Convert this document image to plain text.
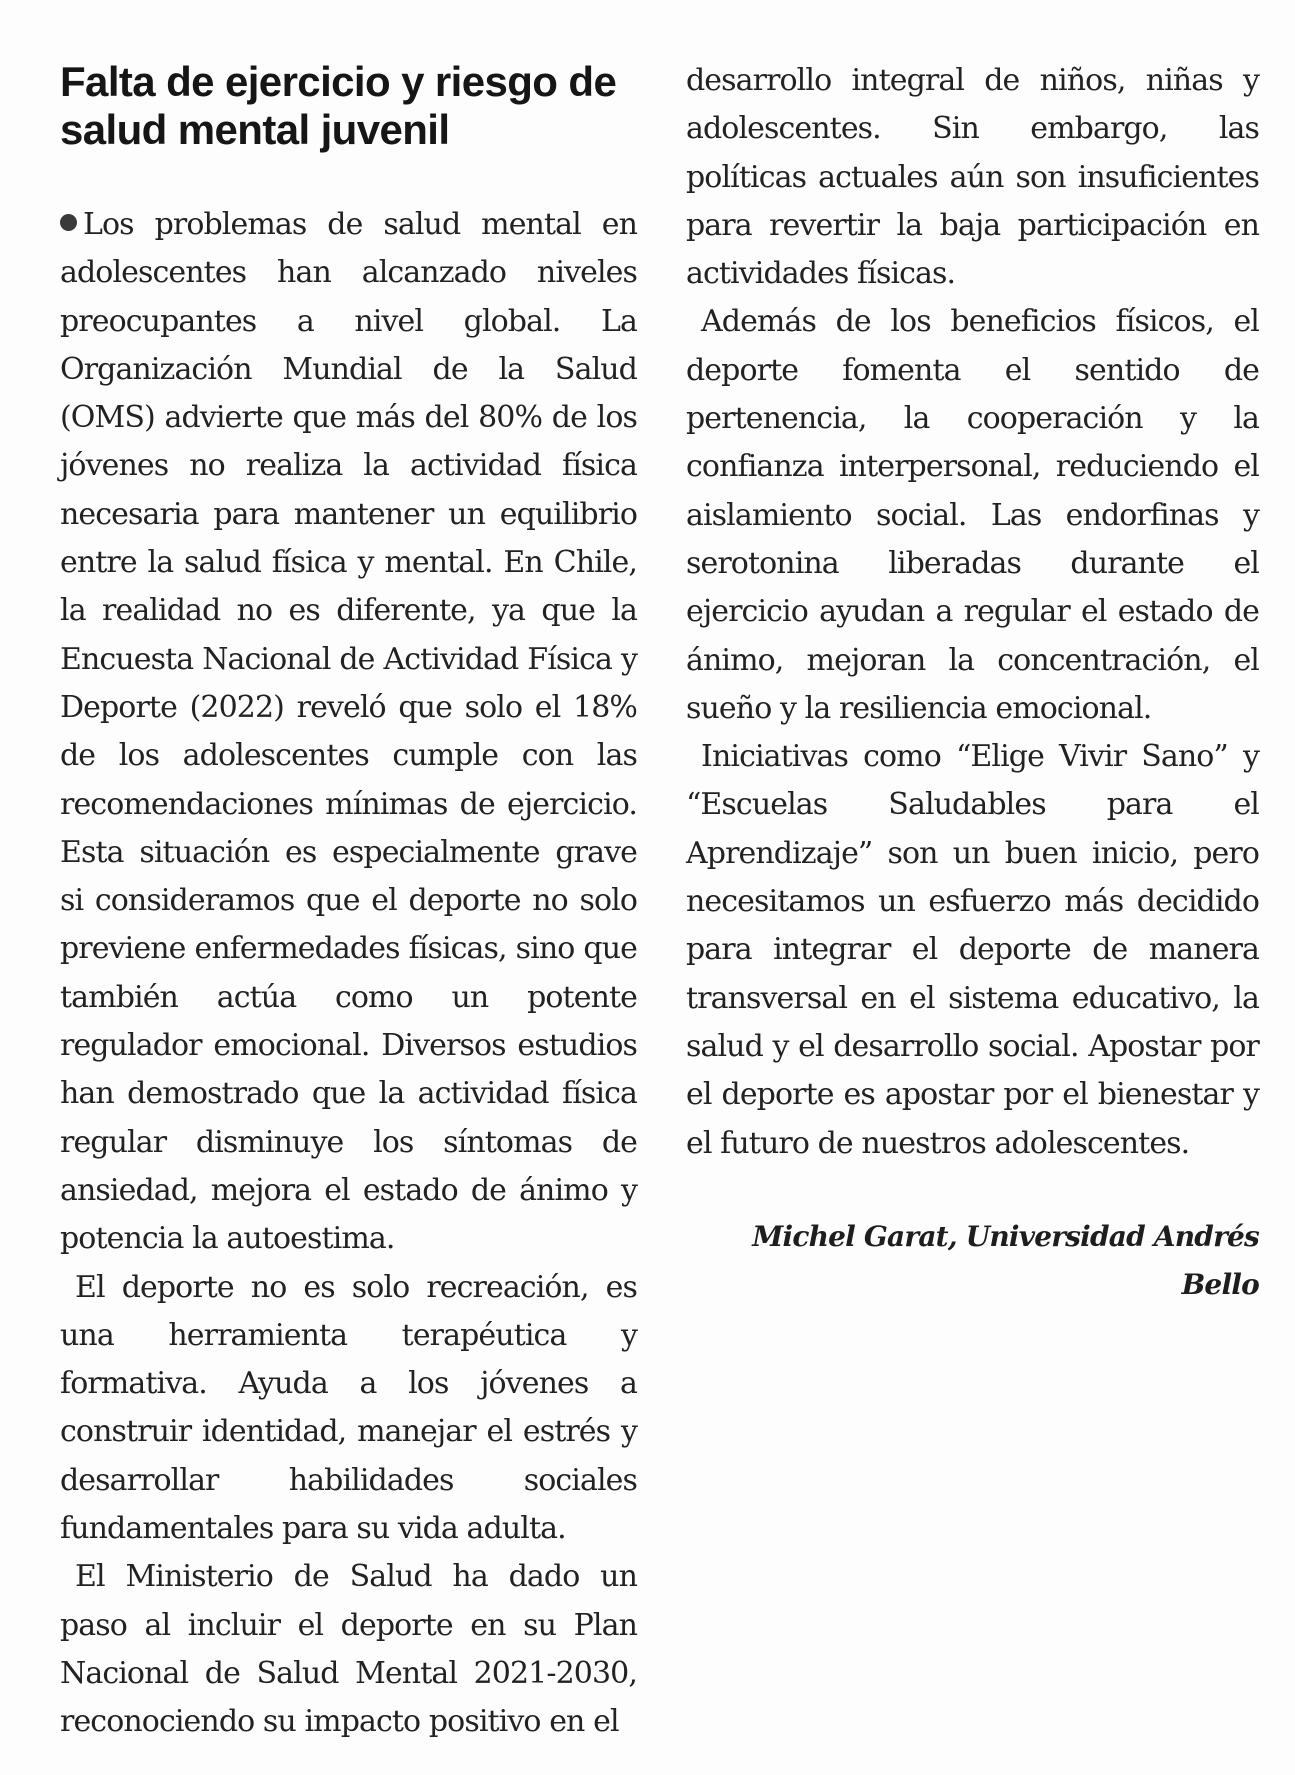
Falta de ejercicio y riesgo de salud mental juvenil

Los problemas de salud mental en adolescentes han alcanzado niveles preocupantes a nivel global. La Organización Mundial de la Salud (OMS) advierte que más del 80% de los jóvenes no realiza la actividad física necesaria para mantener un equilibrio entre la salud física y mental. En Chile, la realidad no es diferente, ya que la Encuesta Nacional de Actividad Física y Deporte (2022) reveló que solo el 18% de los adolescentes cumple con las recomendaciones mínimas de ejercicio. Esta situación es especialmente grave si consideramos que el deporte no solo previene enfermedades físicas, sino que también actúa como un potente regulador emocional. Diversos estudios han demostrado que la actividad física regular disminuye los síntomas de ansiedad, mejora el estado de ánimo y potencia la autoestima.

El deporte no es solo recreación, es una herramienta terapéutica y formativa. Ayuda a los jóvenes a construir identidad, manejar el estrés y desarrollar habilidades sociales fundamentales para su vida adulta.

El Ministerio de Salud ha dado un paso al incluir el deporte en su Plan Nacional de Salud Mental 2021-2030, reconociendo su impacto positivo en el

desarrollo integral de niños, niñas y adolescentes. Sin embargo, las políticas actuales aún son insuficientes para revertir la baja participación en actividades físicas.

Además de los beneficios físicos, el deporte fomenta el sentido de pertenencia, la cooperación y la confianza interpersonal, reduciendo el aislamiento social. Las endorfinas y serotonina liberadas durante el ejercicio ayudan a regular el estado de ánimo, mejoran la concentración, el sueño y la resiliencia emocional.

Iniciativas como “Elige Vivir Sano” y “Escuelas Saludables para el Aprendizaje” son un buen inicio, pero necesitamos un esfuerzo más decidido para integrar el deporte de manera transversal en el sistema educativo, la salud y el desarrollo social. Apostar por el deporte es apostar por el bienestar y el futuro de nuestros adolescentes.

Michel Garat, Universidad Andrés Bello
